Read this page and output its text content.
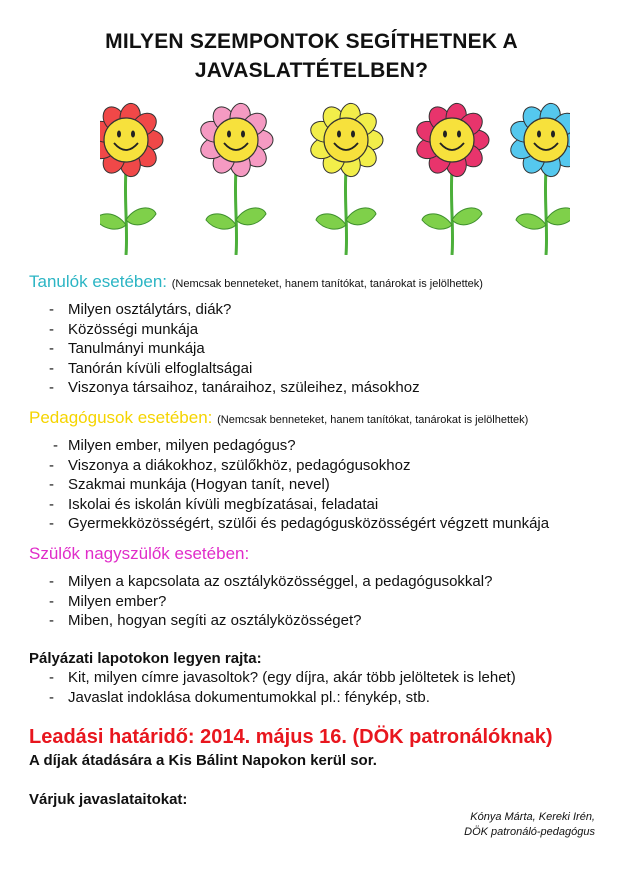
MILYEN SZEMPONTOK SEGÍTHETNEK A
JAVASLATTÉTELBEN?
Tanulók esetében: (Nemcsak benneteket, hanem tanítókat, tanárokat is jelölhettek)
- Milyen osztálytárs, diák?
- Közösségi munkája
- Tanulmányi munkája
- Tanórán kívüli elfoglaltságai
- Viszonya társaihoz, tanáraihoz, szüleihez, másokhoz
Pedagógusok esetében: (Nemcsak benneteket, hanem tanítókat, tanárokat is jelölhettek)
- Milyen ember, milyen pedagógus?
- Viszonya a diákokhoz, szülőkhöz, pedagógusokhoz
- Szakmai munkája (Hogyan tanít, nevel)
- Iskolai és iskolán kívüli megbízatásai, feladatai
- Gyermekközösségért, szülői és pedagógusközösségért végzett munkája
Szülők nagyszülők esetében:
- Milyen a kapcsolata az osztályközösséggel, a pedagógusokkal?
- Milyen ember?
- Miben, hogyan segíti az osztályközösséget?
Pályázati lapotokon legyen rajta:
- Kit, milyen címre javasoltok? (egy díjra, akár több jelöltetek is lehet)
- Javaslat indoklása dokumentumokkal pl.: fénykép, stb.
Leadási határidő: 2014. május 16. (DÖK patronálóknak)
A díjak átadására a Kis Bálint Napokon kerül sor.
Várjuk javaslataitokat:
Kónya Márta, Kereki Irén,
DÖK patronáló-pedagógus
